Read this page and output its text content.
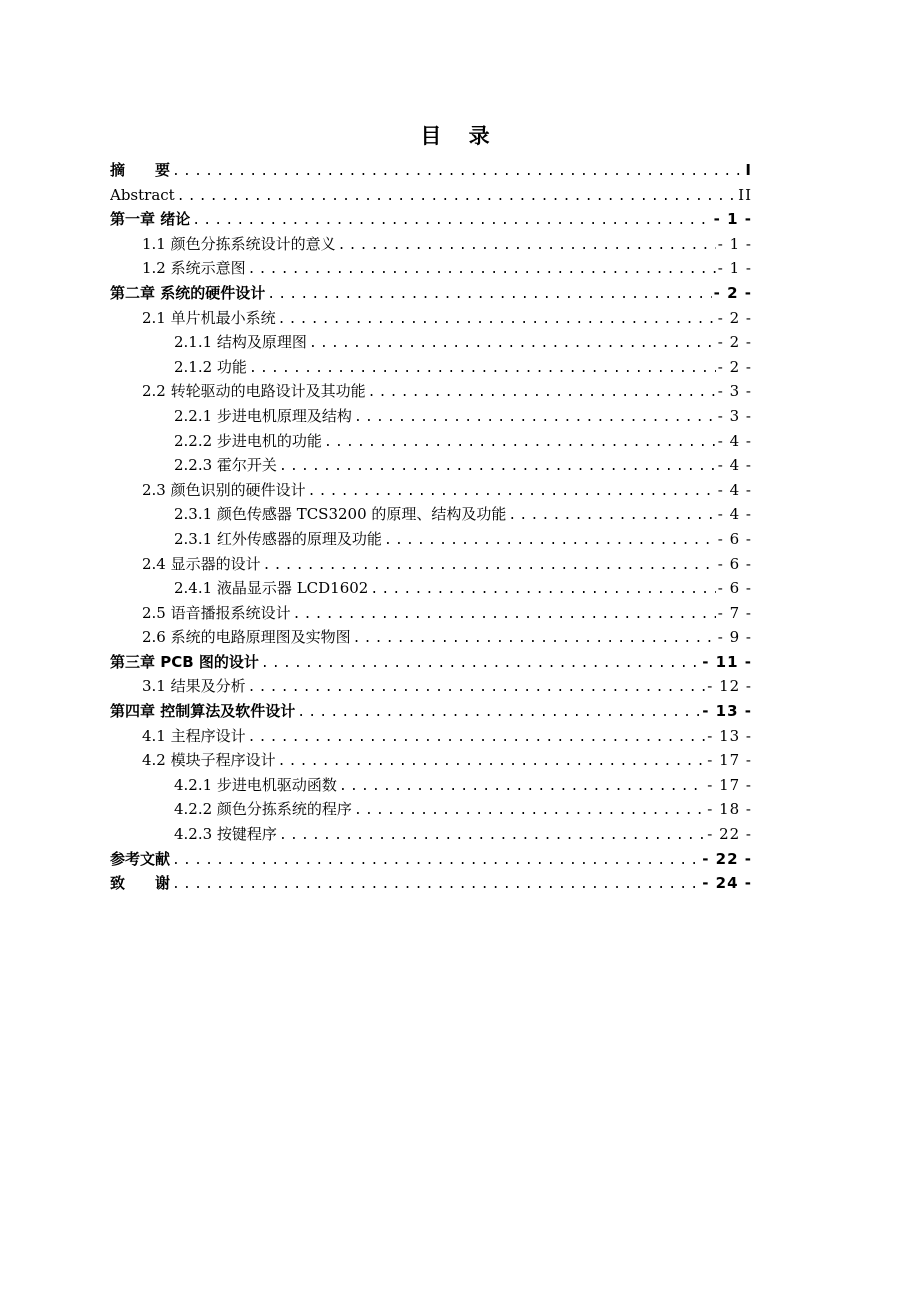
目 录
摘　　要 .....	I
Abstract .....	II
第一章 绪论 .....	- 1 -
1.1 颜色分拣系统设计的意义 .....	- 1 -
1.2 系统示意图 .....	- 1 -
第二章 系统的硬件设计 .....	- 2 -
2.1 单片机最小系统 .....	- 2 -
2.1.1 结构及原理图 .....	- 2 -
2.1.2 功能 .....	- 2 -
2.2 转轮驱动的电路设计及其功能 .....	- 3 -
2.2.1 步进电机原理及结构 .....	- 3 -
2.2.2 步进电机的功能 .....	- 4 -
2.2.3 霍尔开关 .....	- 4 -
2.3 颜色识别的硬件设计 .....	- 4 -
2.3.1 颜色传感器 TCS3200 的原理、结构及功能 .....	- 4 -
2.3.1 红外传感器的原理及功能 .....	- 6 -
2.4 显示器的设计 .....	- 6 -
2.4.1 液晶显示器 LCD1602 .....	- 6 -
2.5 语音播报系统设计 .....	- 7 -
2.6 系统的电路原理图及实物图 .....	- 9 -
第三章 PCB 图的设计 .....	- 11 -
3.1 结果及分析 .....	- 12 -
第四章 控制算法及软件设计 .....	- 13 -
4.1 主程序设计 .....	- 13 -
4.2 模块子程序设计 .....	- 17 -
4.2.1 步进电机驱动函数 .....	- 17 -
4.2.2 颜色分拣系统的程序 .....	- 18 -
4.2.3 按键程序 .....	- 22 -
参考文献 .....	- 22 -
致　　谢 .....	- 24 -
